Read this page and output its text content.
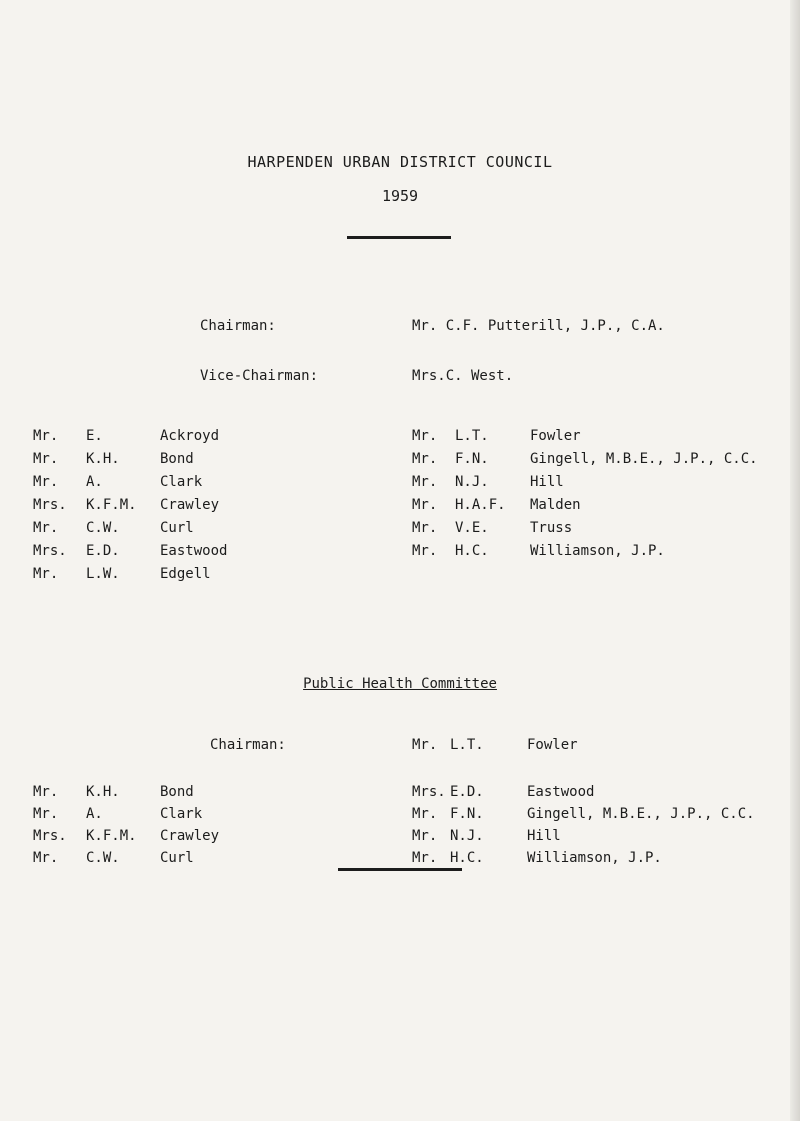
HARPENDEN URBAN DISTRICT COUNCIL
1959
Chairman:	Mr. C.F. Putterill, J.P., C.A.
Vice-Chairman:	Mrs.C. West.
Mr. E.	Ackroyd
Mr. K.H.	Bond
Mr. A.	Clark
Mrs. K.F.M. Crawley
Mr. C.W.	Curl
Mrs. E.D.	Eastwood
Mr. L.W.	Edgell
Mr. L.T.	Fowler
Mr. F.N.	Gingell, M.B.E., J.P., C.C.
Mr. N.J.	Hill
Mr. H.A.F. Malden
Mr. V.E.	Truss
Mr. H.C.	Williamson, J.P.
Public Health Committee
Chairman:	Mr. L.T.	Fowler
Mr. K.H.	Bond
Mr. A.	Clark
Mrs. K.F.M. Crawley
Mr. C.W.	Curl
Mrs. E.D.	Eastwood
Mr. F.N.	Gingell, M.B.E., J.P., C.C.
Mr. N.J.	Hill
Mr. H.C.	Williamson, J.P.
